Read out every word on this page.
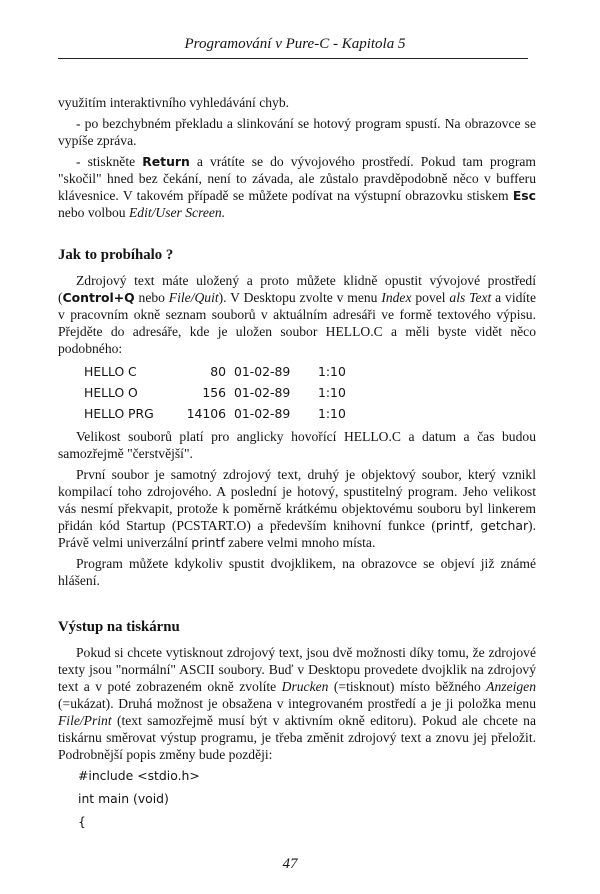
Programování v Pure-C - Kapitola 5

využitím interaktivního vyhledávání chyb.

- po bezchybném překladu a slinkování se hotový program spustí. Na obrazovce se vypíše zpráva.

- stiskněte Return a vrátíte se do vývojového prostředí. Pokud tam program "skočil" hned bez čekání, není to závada, ale zůstalo pravděpodobně něco v bufferu klávesnice. V takovém případě se můžete podívat na výstupní obrazovku stiskem Esc nebo volbou Edit/User Screen.

Jak to probíhalo ?

Zdrojový text máte uložený a proto můžete klidně opustit vývojové prostředí (Control+Q nebo File/Quit). V Desktopu zvolte v menu Index povel als Text a vidíte v pracovním okně seznam souborů v aktuálním adresáři ve formě textového výpisu. Přejděte do adresáře, kde je uložen soubor HELLO.C a měli byste vidět něco podobného:

HELLO	C	80	01-02-89	1:10
HELLO	O	156	01-02-89	1:10
HELLO	PRG	14106	01-02-89	1:10

Velikost souborů platí pro anglicky hovořící HELLO.C a datum a čas budou samozřejmě "čerstvější".

První soubor je samotný zdrojový text, druhý je objektový soubor, který vznikl kompilací toho zdrojového. A poslední je hotový, spustitelný program. Jeho velikost vás nesmí překvapit, protože k poměrně krátkému objektovému souboru byl linkerem přidán kód Startup (PCSTART.O) a především knihovní funkce (printf, getchar). Právě velmi univerzální printf zabere velmi mnoho místa.

Program můžete kdykoliv spustit dvojklikem, na obrazovce se objeví již známé hlášení.

Výstup na tiskárnu

Pokud si chcete vytisknout zdrojový text, jsou dvě možnosti díky tomu, že zdrojové texty jsou "normální" ASCII soubory. Buď v Desktopu provedete dvojklik na zdrojový text a v poté zobrazeném okně zvolíte Drucken (=tisknout) místo běžného Anzeigen (=ukázat). Druhá možnost je obsažena v integrovaném prostředí a je ji položka menu File/Print (text samozřejmě musí být v aktivním okně editoru). Pokud ale chcete na tiskárnu směrovat výstup programu, je třeba změnit zdrojový text a znovu jej přeložit. Podrobnější popis změny bude později:

#include <stdio.h>
int main (void)
{
47
